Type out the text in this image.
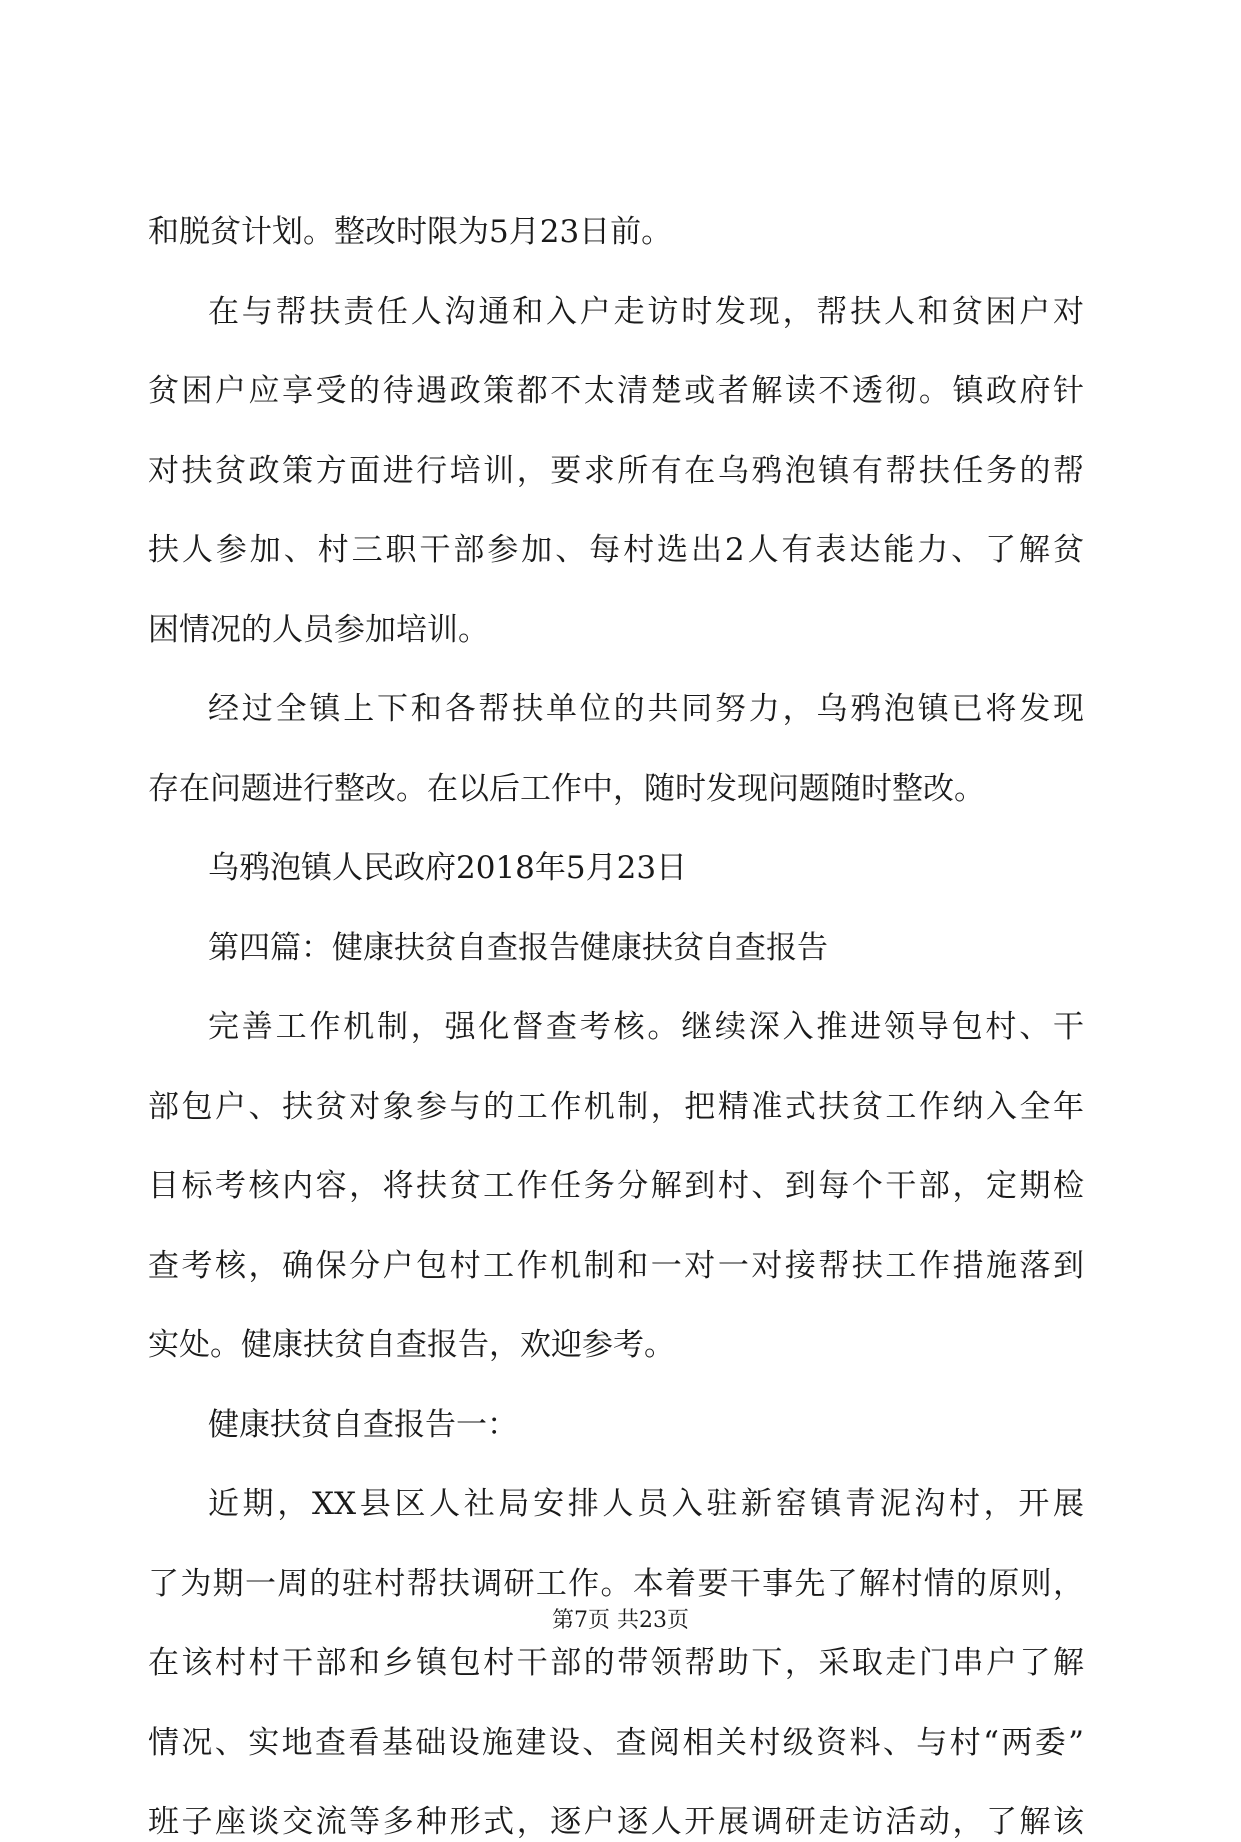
和脱贫计划。整改时限为5月23日前。
在与帮扶责任人沟通和入户走访时发现，帮扶人和贫困户对
贫困户应享受的待遇政策都不太清楚或者解读不透彻。镇政府针
对扶贫政策方面进行培训，要求所有在乌鸦泡镇有帮扶任务的帮
扶人参加、村三职干部参加、每村选出2人有表达能力、了解贫
困情况的人员参加培训。
经过全镇上下和各帮扶单位的共同努力，乌鸦泡镇已将发现
存在问题进行整改。在以后工作中，随时发现问题随时整改。
乌鸦泡镇人民政府2018年5月23日
第四篇：健康扶贫自查报告健康扶贫自查报告
完善工作机制，强化督查考核。继续深入推进领导包村、干
部包户、扶贫对象参与的工作机制，把精准式扶贫工作纳入全年
目标考核内容，将扶贫工作任务分解到村、到每个干部，定期检
查考核，确保分户包村工作机制和一对一对接帮扶工作措施落到
实处。健康扶贫自查报告，欢迎参考。
健康扶贫自查报告一：
近期，XX县区人社局安排人员入驻新窑镇青泥沟村，开展
了为期一周的驻村帮扶调研工作。本着要干事先了解村情的原则，
在该村村干部和乡镇包村干部的带领帮助下，采取走门串户了解
情况、实地查看基础设施建设、查阅相关村级资料、与村“两委”
班子座谈交流等多种形式，逐户逐人开展调研走访活动，了解该
第7页 共23页
